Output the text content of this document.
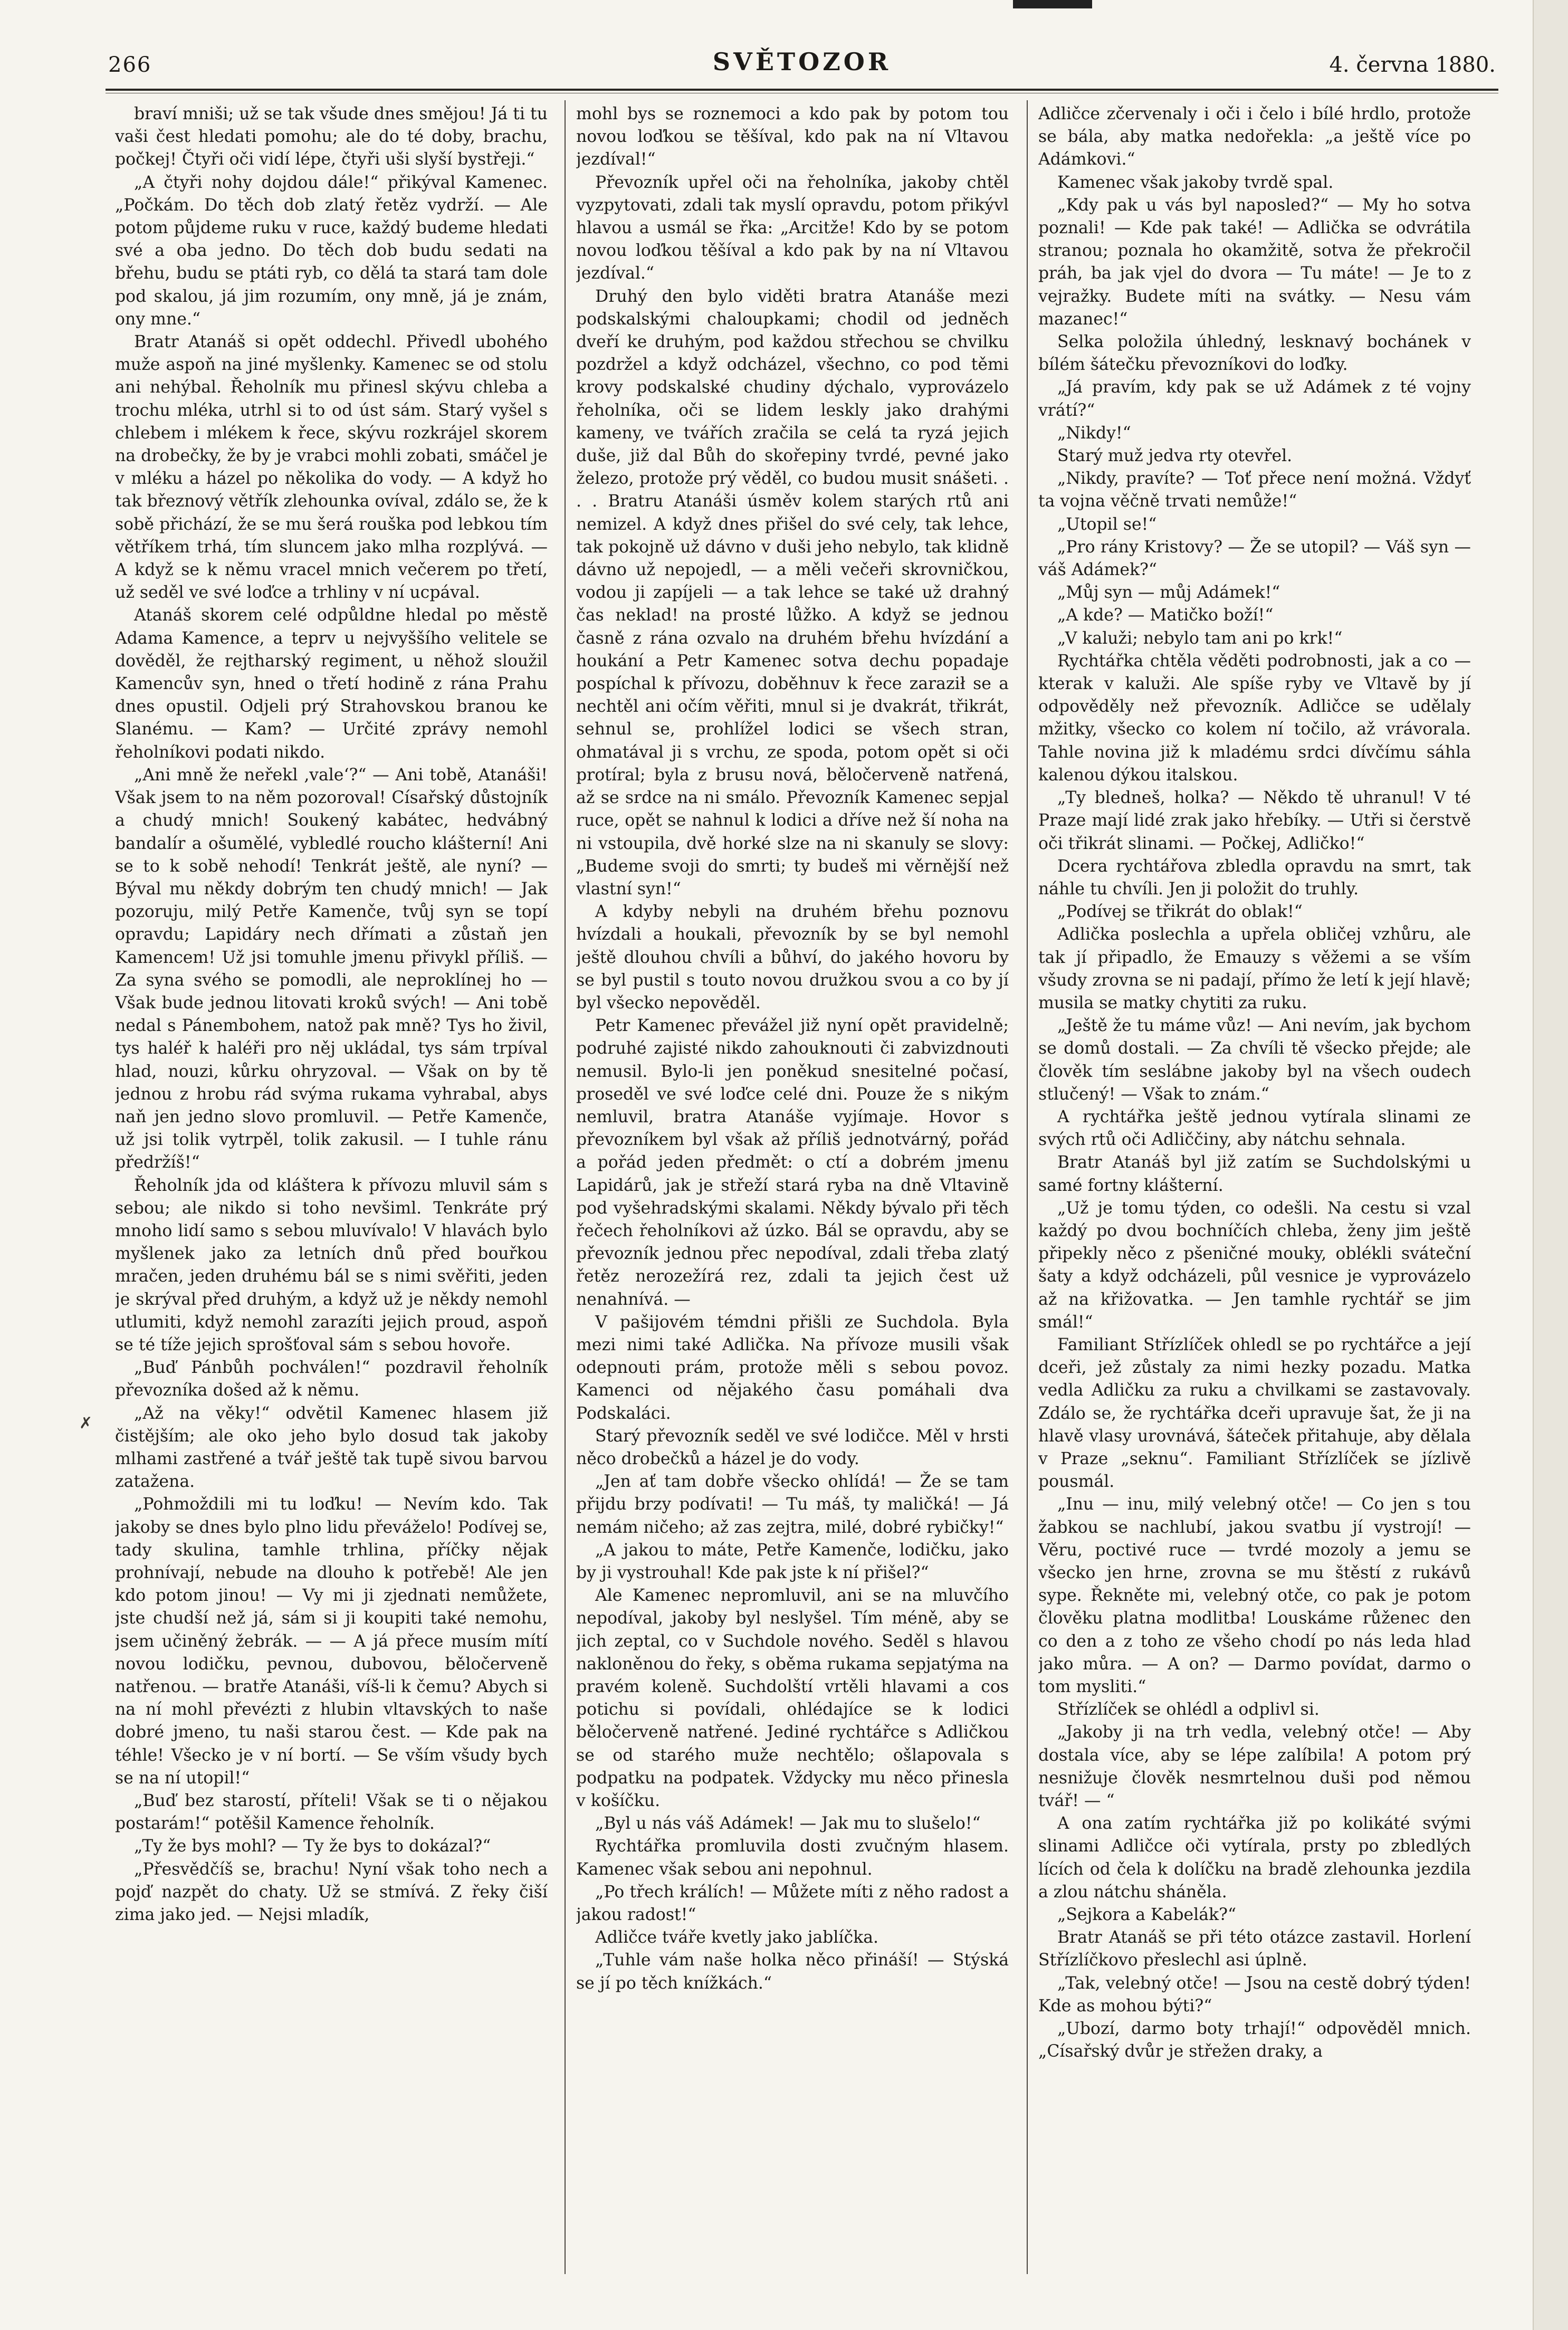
266	SVĚTOZOR	4. června 1880.

braví mniši; už se tak všude dnes smějou! Já ti tu vaši čest hledati pomohu; ale do té doby, brachu, počkej! Čtyři oči vidí lépe, čtyři uši slyší bystřeji.“

„A čtyři nohy dojdou dále!“ přikýval Kamenec. „Počkám. Do těch dob zlatý řetěz vydrží. — Ale potom půjdeme ruku v ruce, každý budeme hledati své a oba jedno. Do těch dob budu sedati na břehu, budu se ptáti ryb, co dělá ta stará tam dole pod skalou, já jim rozumím, ony mně, já je znám, ony mne.“

Bratr Atanáš si opět oddechl. Přivedl ubohého muže aspoň na jiné myšlenky. Kamenec se od stolu ani nehýbal. Řeholník mu přinesl skývu chleba a trochu mléka, utrhl si to od úst sám. Starý vyšel s chlebem i mlékem k řece, skývu rozkrájel skorem na drobečky, že by je vrabci mohli zobati, smáčel je v mléku a házel po několika do vody. — A když ho tak březnový větřík zlehounka ovíval, zdálo se, že k sobě přichází, že se mu šerá rouška pod lebkou tím větříkem trhá, tím sluncem jako mlha rozplývá. — A když se k němu vracel mnich večerem po třetí, už seděl ve své loďce a trhliny v ní ucpával.

Atanáš skorem celé odpůldne hledal po městě Adama Kamence, a teprv u nejvyššího velitele se dověděl, že rejtharský regiment, u něhož sloužil Kamencův syn, hned o třetí hodině z rána Prahu dnes opustil. Odjeli prý Strahovskou branou ke Slanému. — Kam? — Určité zprávy nemohl řeholníkovi podati nikdo.

„Ani mně že neřekl ‚vale‘?“ — Ani tobě, Atanáši! Však jsem to na něm pozoroval! Císařský důstojník a chudý mnich! Soukený kabátec, hedvábný bandalír a ošumělé, vybledlé roucho klášterní! Ani se to k sobě nehodí! Tenkrát ještě, ale nyní? — Býval mu někdy dobrým ten chudý mnich! — Jak pozoruju, milý Petře Kamenče, tvůj syn se topí opravdu; Lapidáry nech dřímati a zůstaň jen Kamencem! Už jsi tomuhle jmenu přivykl příliš. — Za syna svého se pomodli, ale neproklínej ho — Však bude jednou litovati kroků svých! — Ani tobě nedal s Pánembohem, natož pak mně? Tys ho živil, tys haléř k haléři pro něj ukládal, tys sám trpíval hlad, nouzi, kůrku ohryzoval. — Však on by tě jednou z hrobu rád svýma rukama vyhrabal, abys naň jen jedno slovo promluvil. — Petře Kamenče, už jsi tolik vytrpěl, tolik zakusil. — I tuhle ránu předržíš!“

Řeholník jda od kláštera k přívozu mluvil sám s sebou; ale nikdo si toho nevšiml. Tenkráte prý mnoho lidí samo s sebou mluvívalo! V hlavách bylo myšlenek jako za letních dnů před bouřkou mračen, jeden druhému bál se s nimi svěřiti, jeden je skrýval před druhým, a když už je někdy nemohl utlumiti, když nemohl zarazíti jejich proud, aspoň se té tíže jejich sprošťoval sám s sebou hovoře.

„Buď Pánbůh pochválen!“ pozdravil řeholník převozníka došed až k němu.

„Až na věky!“ odvětil Kamenec hlasem již čistějším; ale oko jeho bylo dosud tak jakoby mlhami zastřené a tvář ještě tak tupě sivou barvou zatažena.

„Pohmoždili mi tu loďku! — Nevím kdo. Tak jakoby se dnes bylo plno lidu převáželo! Podívej se, tady skulina, tamhle trhlina, příčky nějak prohnívají, nebude na dlouho k potřebě! Ale jen kdo potom jinou! — Vy mi ji zjednati nemůžete, jste chudší než já, sám si ji koupiti také nemohu, jsem učiněný žebrák. — — A já přece musím mítí novou lodičku, pevnou, dubovou, běločerveně natřenou. — bratře Atanáši, víš-li k čemu? Abych si na ní mohl převézti z hlubin vltavských to naše dobré jmeno, tu naši starou čest. — Kde pak na téhle! Všecko je v ní bortí. — Se vším všudy bych se na ní utopil!“

„Buď bez starostí, příteli! Však se ti o nějakou postarám!“ potěšil Kamence řeholník.

„Ty že bys mohl? — Ty že bys to dokázal?“

„Přesvědčíš se, brachu! Nyní však toho nech a pojď nazpět do chaty. Už se stmívá. Z řeky čiší zima jako jed. — Nejsi mladík,

mohl bys se roznemoci a kdo pak by potom tou novou loďkou se těšíval, kdo pak na ní Vltavou jezdíval!“

Převozník upřel oči na řeholníka, jakoby chtěl vyzpytovati, zdali tak myslí opravdu, potom přikývl hlavou a usmál se řka: „Arcitže! Kdo by se potom novou loďkou těšíval a kdo pak by na ní Vltavou jezdíval.“

Druhý den bylo viděti bratra Atanáše mezi podskalskými chaloupkami; chodil od jedněch dveří ke druhým, pod každou střechou se chvilku pozdržel a když odcházel, všechno, co pod těmi krovy podskalské chudiny dýchalo, vyprovázelo řeholníka, oči se lidem leskly jako drahými kameny, ve tvářích zračila se celá ta ryzá jejich duše, již dal Bůh do skořepiny tvrdé, pevné jako železo, protože prý věděl, co budou musit snášeti. . . . Bratru Atanáši úsměv kolem starých rtů ani nemizel. A když dnes přišel do své cely, tak lehce, tak pokojně už dávno v duši jeho nebylo, tak klidně dávno už nepojedl, — a měli večeři skrovničkou, vodou ji zapíjeli — a tak lehce se také už drahný čas neklad! na prosté lůžko. A když se jednou časně z rána ozvalo na druhém břehu hvízdání a houkání a Petr Kamenec sotva dechu popadaje pospíchal k přívozu, doběhnuv k řece zaraził se a nechtěl ani očím věřiti, mnul si je dvakrát, třikrát, sehnul se, prohlížel lodici se všech stran, ohmatával ji s vrchu, ze spoda, potom opět si oči protíral; byla z brusu nová, běločerveně natřená, až se srdce na ni smálo. Převozník Kamenec sepjal ruce, opět se nahnul k lodici a dříve než ší noha na ni vstoupila, dvě horké slze na ni skanuly se slovy: „Budeme svoji do smrti; ty budeš mi věrnější než vlastní syn!“

A kdyby nebyli na druhém břehu poznovu hvízdali a houkali, převozník by se byl nemohl ještě dlouhou chvíli a bůhví, do jakého hovoru by se byl pustil s touto novou družkou svou a co by jí byl všecko nepověděl.

Petr Kamenec převážel již nyní opět pravidelně; podruhé zajisté nikdo zahouknouti či zabvizdnouti nemusil. Bylo-li jen poněkud snesitelné počasí, proseděl ve své loďce celé dni. Pouze že s nikým nemluvil, bratra Atanáše vyjímaje. Hovor s převozníkem byl však až příliš jednotvárný, pořád a pořád jeden předmět: o ctí a dobrém jmenu Lapidárů, jak je střeží stará ryba na dně Vltavině pod vyšehradskými skalami. Někdy bývalo při těch řečech řeholníkovi až úzko. Bál se opravdu, aby se převozník jednou přec nepodíval, zdali třeba zlatý řetěz nerozežírá rez, zdali ta jejich čest už nenahnívá. —

V pašijovém témdni přišli ze Suchdola. Byla mezi nimi také Adlička. Na přívoze musili však odepnouti prám, protože měli s sebou povoz. Kamenci od nějakého času pomáhali dva Podskaláci.

Starý převozník seděl ve své lodičce. Měl v hrsti něco drobečků a házel je do vody.

„Jen ať tam dobře všecko ohlídá! — Že se tam přijdu brzy podívati! — Tu máš, ty maličká! — Já nemám ničeho; až zas zejtra, milé, dobré rybičky!“

„A jakou to máte, Petře Kamenče, lodičku, jako by ji vystrouhal! Kde pak jste k ní přišel?“

Ale Kamenec nepromluvil, ani se na mluvčího nepodíval, jakoby byl neslyšel. Tím méně, aby se jich zeptal, co v Suchdole nového. Seděl s hlavou nakloněnou do řeky, s oběma rukama sepjatýma na pravém koleně. Suchdolští vrtěli hlavami a cos potichu si povídali, ohlédajíce se k lodici běločerveně natřené. Jediné rychtářce s Adličkou se od starého muže nechtělo; ošlapovala s podpatku na podpatek. Vždycky mu něco přinesla v košíčku.

„Byl u nás váš Adámek! — Jak mu to slušelo!“

Rychtářka promluvila dosti zvučným hlasem. Kamenec však sebou ani nepohnul.

„Po třech králích! — Můžete míti z něho radost a jakou radost!“

Adličce tváře kvetly jako jablíčka.

„Tuhle vám naše holka něco přináší! — Stýská se jí po těch knížkách.“

Adličce zčervenaly i oči i čelo i bílé hrdlo, protože se bála, aby matka nedořekla: „a ještě více po Adámkovi.“

Kamenec však jakoby tvrdě spal.

„Kdy pak u vás byl naposled?“ — My ho sotva poznali! — Kde pak také! — Adlička se odvrátila stranou; poznala ho okamžitě, sotva že překročil práh, ba jak vjel do dvora — Tu máte! — Je to z vejražky. Budete míti na svátky. — Nesu vám mazanec!“

Selka položila úhledný, lesknavý bochánek v bílém šátečku převozníkovi do loďky.

„Já pravím, kdy pak se už Adámek z té vojny vrátí?“

„Nikdy!“

Starý muž jedva rty otevřel.

„Nikdy, pravíte? — Toť přece není možná. Vždyť ta vojna věčně trvati nemůže!“

„Utopil se!“

„Pro rány Kristovy? — Že se utopil? — Váš syn — váš Adámek?“

„Můj syn — můj Adámek!“

„A kde? — Matičko boží!“

„V kaluži; nebylo tam ani po krk!“

Rychtářka chtěla věděti podrobnosti, jak a co — kterak v kaluži. Ale spíše ryby ve Vltavě by jí odpověděly než převozník. Adličce se udělaly mžitky, všecko co kolem ní točilo, až vrávorala. Tahle novina již k mladému srdci dívčímu sáhla kalenou dýkou italskou.

„Ty bledneš, holka? — Někdo tě uhranul! V té Praze mají lidé zrak jako hřebíky. — Utři si čerstvě oči třikrát slinami. — Počkej, Adličko!“

Dcera rychtářova zbledla opravdu na smrt, tak náhle tu chvíli. Jen ji položit do truhly.

„Podívej se třikrát do oblak!“

Adlička poslechla a upřela obličej vzhůru, ale tak jí připadlo, že Emauzy s věžemi a se vším všudy zrovna se ni padají, přímo že letí k její hlavě; musila se matky chytiti za ruku.

„Ještě že tu máme vůz! — Ani nevím, jak bychom se domů dostali. — Za chvíli tě všecko přejde; ale člověk tím seslábne jakoby byl na všech oudech stlučený! — Však to znám.“

A rychtářka ještě jednou vytírala slinami ze svých rtů oči Adliččiny, aby nátchu sehnala.

Bratr Atanáš byl již zatím se Suchdolskými u samé fortny klášterní.

„Už je tomu týden, co odešli. Na cestu si vzal každý po dvou bochníčích chleba, ženy jim ještě připekly něco z pšeničné mouky, oblékli sváteční šaty a když odcházeli, půl vesnice je vyprovázelo až na křižovatka. — Jen tamhle rychtář se jim smál!“

Familiant Střízlíček ohledl se po rychtářce a její dceři, jež zůstaly za nimi hezky pozadu. Matka vedla Adličku za ruku a chvilkami se zastavovaly. Zdálo se, že rychtářka dceři upravuje šat, že ji na hlavě vlasy urovnává, šáteček přitahuje, aby dělala v Praze „seknu“. Familiant Střízlíček se jízlivě pousmál.

„Inu — inu, milý velebný otče! — Co jen s tou žabkou se nachlubí, jakou svatbu jí vystrojí! — Věru, poctivé ruce — tvrdé mozoly a jemu se všecko jen hrne, zrovna se mu štěstí z rukávů sype. Řekněte mi, velebný otče, co pak je potom člověku platna modlitba! Louskáme růženec den co den a z toho ze všeho chodí po nás leda hlad jako můra. — A on? — Darmo povídat, darmo o tom mysliti.“

Střízlíček se ohlédl a odplivl si.

„Jakoby ji na trh vedla, velebný otče! — Aby dostala více, aby se lépe zalíbila! A potom prý nesnižuje člověk nesmrtelnou duši pod němou tvář! — “

A ona zatím rychtářka již po kolikáté svými slinami Adličce oči vytírala, prsty po zbledlých lících od čela k dolíčku na bradě zlehounka jezdila a zlou nátchu sháněla.

„Sejkora a Kabelák?“

Bratr Atanáš se při této otázce zastavil. Horlení Střízlíčkovo přeslechl asi úplně.

„Tak, velebný otče! — Jsou na cestě dobrý týden! Kde as mohou býti?“

„Ubozí, darmo boty trhají!“ odpověděl mnich. „Císařský dvůr je střežen draky, a

✗
